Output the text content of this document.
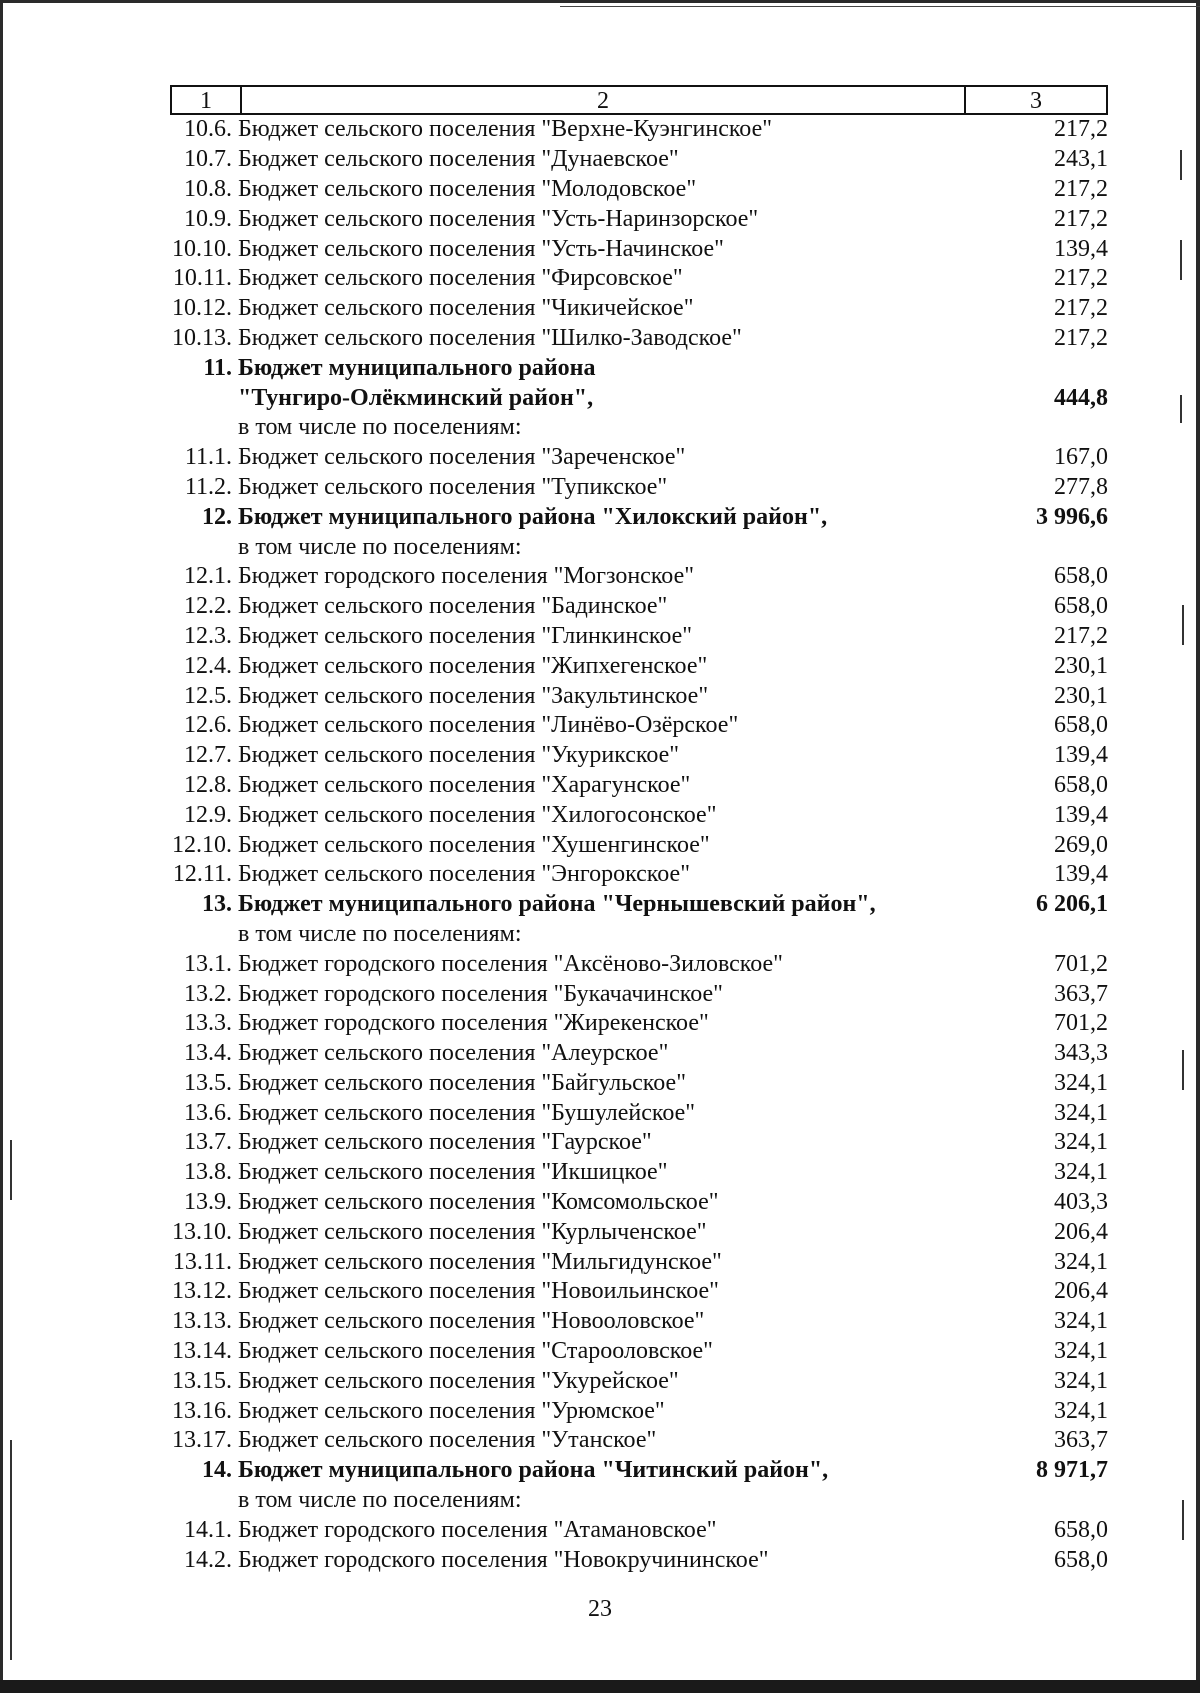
1	2	3
10.6. Бюджет сельского поселения "Верхне-Куэнгинское"	217,2
10.7. Бюджет сельского поселения "Дунаевское"	243,1
10.8. Бюджет сельского поселения "Молодовское"	217,2
10.9. Бюджет сельского поселения "Усть-Наринзорское"	217,2
10.10. Бюджет сельского поселения "Усть-Начинское"	139,4
10.11. Бюджет сельского поселения "Фирсовское"	217,2
10.12. Бюджет сельского поселения "Чикичейское"	217,2
10.13. Бюджет сельского поселения "Шилко-Заводское"	217,2
11. Бюджет муниципального района
"Тунгиро-Олёкминский район",	444,8
в том числе по поселениям:
11.1. Бюджет сельского поселения "Зареченское"	167,0
11.2. Бюджет сельского поселения "Тупикское"	277,8
12. Бюджет муниципального района "Хилокский район",	3 996,6
в том числе по поселениям:
12.1. Бюджет городского поселения "Могзонское"	658,0
12.2. Бюджет сельского поселения "Бадинское"	658,0
12.3. Бюджет сельского поселения "Глинкинское"	217,2
12.4. Бюджет сельского поселения "Жипхегенское"	230,1
12.5. Бюджет сельского поселения "Закультинское"	230,1
12.6. Бюджет сельского поселения "Линёво-Озёрское"	658,0
12.7. Бюджет сельского поселения "Укурикское"	139,4
12.8. Бюджет сельского поселения "Харагунское"	658,0
12.9. Бюджет сельского поселения "Хилогосонское"	139,4
12.10. Бюджет сельского поселения "Хушенгинское"	269,0
12.11. Бюджет сельского поселения "Энгорокское"	139,4
13. Бюджет муниципального района "Чернышевский район",	6 206,1
в том числе по поселениям:
13.1. Бюджет городского поселения "Аксёново-Зиловское"	701,2
13.2. Бюджет городского поселения "Букачачинское"	363,7
13.3. Бюджет городского поселения "Жирекенское"	701,2
13.4. Бюджет сельского поселения "Алеурское"	343,3
13.5. Бюджет сельского поселения "Байгульское"	324,1
13.6. Бюджет сельского поселения "Бушулейское"	324,1
13.7. Бюджет сельского поселения "Гаурское"	324,1
13.8. Бюджет сельского поселения "Икшицкое"	324,1
13.9. Бюджет сельского поселения "Комсомольское"	403,3
13.10. Бюджет сельского поселения "Курлыченское"	206,4
13.11. Бюджет сельского поселения "Мильгидунское"	324,1
13.12. Бюджет сельского поселения "Новоильинское"	206,4
13.13. Бюджет сельского поселения "Новооловское"	324,1
13.14. Бюджет сельского поселения "Старооловское"	324,1
13.15. Бюджет сельского поселения "Укурейское"	324,1
13.16. Бюджет сельского поселения "Урюмское"	324,1
13.17. Бюджет сельского поселения "Утанское"	363,7
14. Бюджет муниципального района "Читинский район",	8 971,7
в том числе по поселениям:
14.1. Бюджет городского поселения "Атамановское"	658,0
14.2. Бюджет городского поселения "Новокручининское"	658,0
23
